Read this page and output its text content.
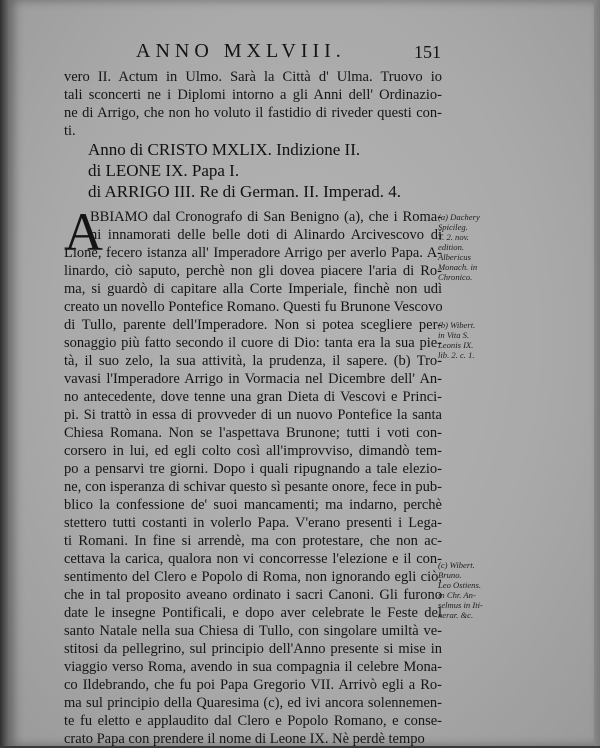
ANNO MXLVIII.	151
vero II. Actum in Ulmo. Sarà la Città d' Ulma. Truovo io
tali sconcerti ne i Diplomi intorno a gli Anni dell' Ordinazio-
ne di Arrigo, che non ho voluto il fastidio di riveder questi con-
ti.
Anno di CRISTO MXLIX. Indizione II.
di LEONE IX. Papa I.
di ARRIGO III. Re di German. II. Imperad. 4.
A
BBIAMO dal Cronografo di San Benigno (a), che i Roma-
ni innamorati delle belle doti di Alinardo Arcivescovo di
Lione, fecero istanza all' Imperadore Arrigo per averlo Papa. A-
linardo, ciò saputo, perchè non gli dovea piacere l'aria di Ro-
ma, si guardò di capitare alla Corte Imperiale, finchè non udì
creato un novello Pontefice Romano. Questi fu Brunone Vescovo
di Tullo, parente dell'Imperadore. Non si potea scegliere per-
sonaggio più fatto secondo il cuore di Dio: tanta era la sua pie-
tà, il suo zelo, la sua attività, la prudenza, il sapere. (b) Tro-
vavasi l'Imperadore Arrigo in Vormacia nel Dicembre dell' An-
no antecedente, dove tenne una gran Dieta di Vescovi e Princi-
pi. Si trattò in essa di provveder di un nuovo Pontefice la santa
Chiesa Romana. Non se l'aspettava Brunone; tutti i voti con-
corsero in lui, ed egli colto così all'improvviso, dimandò tem-
po a pensarvi tre giorni. Dopo i quali ripugnando a tale elezio-
ne, con isperanza di schivar questo sì pesante onore, fece in pub-
blico la confessione de' suoi mancamenti; ma indarno, perchè
stettero tutti costanti in volerlo Papa. V'erano presenti i Lega-
ti Romani. In fine si arrendè, ma con protestare, che non ac-
cettava la carica, qualora non vi concorresse l'elezione e il con-
sentimento del Clero e Popolo di Roma, non ignorando egli ciò,
che in tal proposito aveano ordinato i sacri Canoni. Gli furono
date le insegne Pontificali, e dopo aver celebrate le Feste del
santo Natale nella sua Chiesa di Tullo, con singolare umiltà ve-
stitosi da pellegrino, sul principio dell'Anno presente si mise in
viaggio verso Roma, avendo in sua compagnia il celebre Mona-
co Ildebrando, che fu poi Papa Gregorio VII. Arrivò egli a Ro-
ma sul principio della Quaresima (c), ed ivi ancora solennemen-
te fu eletto e applaudito dal Clero e Popolo Romano, e conse-
crato Papa con prendere il nome di Leone IX. Nè perdè tempo
(a) Dachery
Spicileg.
T. 2. nov.
edition.
Albericus
Monach. in
Chronico.
(b) Wibert.
in Vita S.
Leonis IX.
lib. 2. c. 1.
(c) Wibert.
Bruno.
Leo Ostiens.
in Chr. An-
selmus in Iti-
nerar. &c.
